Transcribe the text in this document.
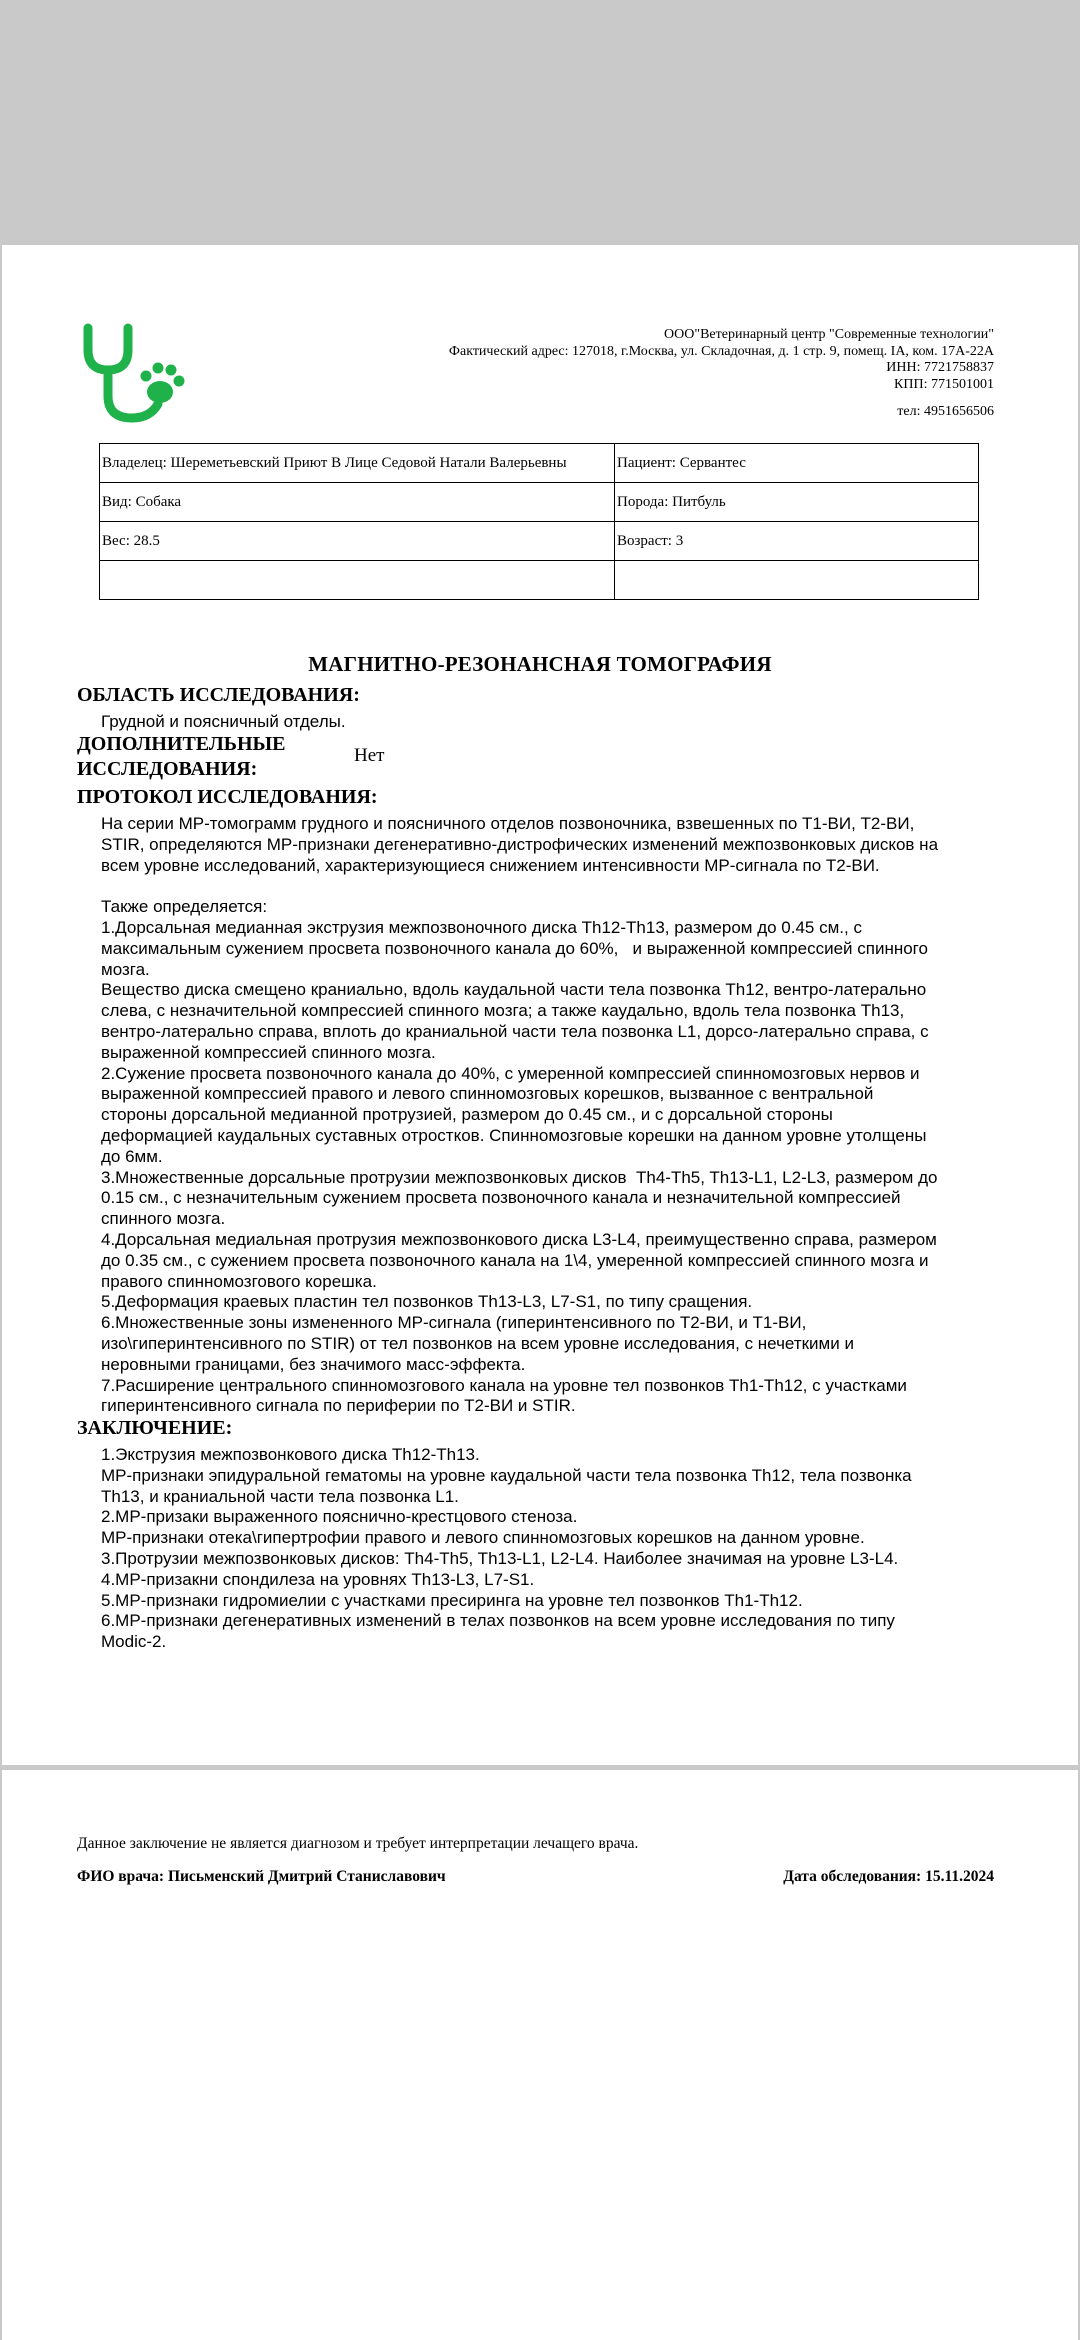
ООО"Ветеринарный центр "Современные технологии"
Фактический адрес: 127018, г.Москва, ул. Складочная, д. 1 стр. 9, помещ. IA, ком. 17А-22А
ИНН: 7721758837
КПП: 771501001
тел: 4951656506
Владелец: Шереметьевский Приют В Лице Седовой Натали Валерьевны	Пациент: Сервантес
Вид: Собака	Порода: Питбуль
Вес: 28.5	Возраст: 3

МАГНИТНО-РЕЗОНАНСНАЯ ТОМОГРАФИЯ
ОБЛАСТЬ ИССЛЕДОВАНИЯ:
Грудной и поясничный отделы.
ДОПОЛНИТЕЛЬНЫЕ
ИССЛЕДОВАНИЯ:
Нет
ПРОТОКОЛ ИССЛЕДОВАНИЯ:
На серии МР-томограмм грудного и поясничного отделов позвоночника, взвешенных по Т1-ВИ, Т2-ВИ,
STIR, определяются МР-признаки дегенеративно-дистрофических изменений межпозвонковых дисков на
всем уровне исследований, характеризующиеся снижением интенсивности МР-сигнала по Т2-ВИ.
Также определяется:
1.Дорсальная медианная экструзия межпозвоночного диска Th12-Th13, размером до 0.45 см., с
максимальным сужением просвета позвоночного канала до 60%,   и выраженной компрессией спинного
мозга.
Вещество диска смещено краниально, вдоль каудальной части тела позвонка Th12, вентро-латерально
слева, с незначительной компрессией спинного мозга; а также каудально, вдоль тела позвонка Th13,
вентро-латерально справа, вплоть до краниальной части тела позвонка L1, дорсо-латерально справа, с
выраженной компрессией спинного мозга.
2.Сужение просвета позвоночного канала до 40%, с умеренной компрессией спинномозговых нервов и
выраженной компрессией правого и левого спинномозговых корешков, вызванное с вентральной
стороны дорсальной медианной протрузией, размером до 0.45 см., и с дорсальной стороны
деформацией каудальных суставных отростков. Спинномозговые корешки на данном уровне утолщены
до 6мм.
3.Множественные дорсальные протрузии межпозвонковых дисков  Th4-Th5, Th13-L1, L2-L3, размером до
0.15 см., с незначительным сужением просвета позвоночного канала и незначительной компрессией
спинного мозга.
4.Дорсальная медиальная протрузия межпозвонкового диска L3-L4, преимущественно справа, размером
до 0.35 см., с сужением просвета позвоночного канала на 1\4, умеренной компрессией спинного мозга и
правого спинномозгового корешка.
5.Деформация краевых пластин тел позвонков Th13-L3, L7-S1, по типу сращения.
6.Множественные зоны измененного МР-сигнала (гиперинтенсивного по Т2-ВИ, и Т1-ВИ,
изо\гиперинтенсивного по STIR) от тел позвонков на всем уровне исследования, с нечеткими и
неровными границами, без значимого масс-эффекта.
7.Расширение центрального спинномозгового канала на уровне тел позвонков Th1-Th12, с участками
гиперинтенсивного сигнала по периферии по Т2-ВИ и STIR.
ЗАКЛЮЧЕНИЕ:
1.Экструзия межпозвонкового диска Th12-Th13.
МР-признаки эпидуральной гематомы на уровне каудальной части тела позвонка Th12, тела позвонка
Th13, и краниальной части тела позвонка L1.
2.МР-призаки выраженного пояснично-крестцового стеноза.
МР-признаки отека\гипертрофии правого и левого спинномозговых корешков на данном уровне.
3.Протрузии межпозвонковых дисков: Th4-Th5, Th13-L1, L2-L4. Наиболее значимая на уровне L3-L4.
4.МР-призакни спондилеза на уровнях Th13-L3, L7-S1.
5.МР-признаки гидромиелии с участками пресиринга на уровне тел позвонков Th1-Th12.
6.МР-признаки дегенеративных изменений в телах позвонков на всем уровне исследования по типу
Modic-2.
Данное заключение не является диагнозом и требует интерпретации лечащего врача.
ФИО врача: Письменский Дмитрий Станиславович	Дата обследования: 15.11.2024
